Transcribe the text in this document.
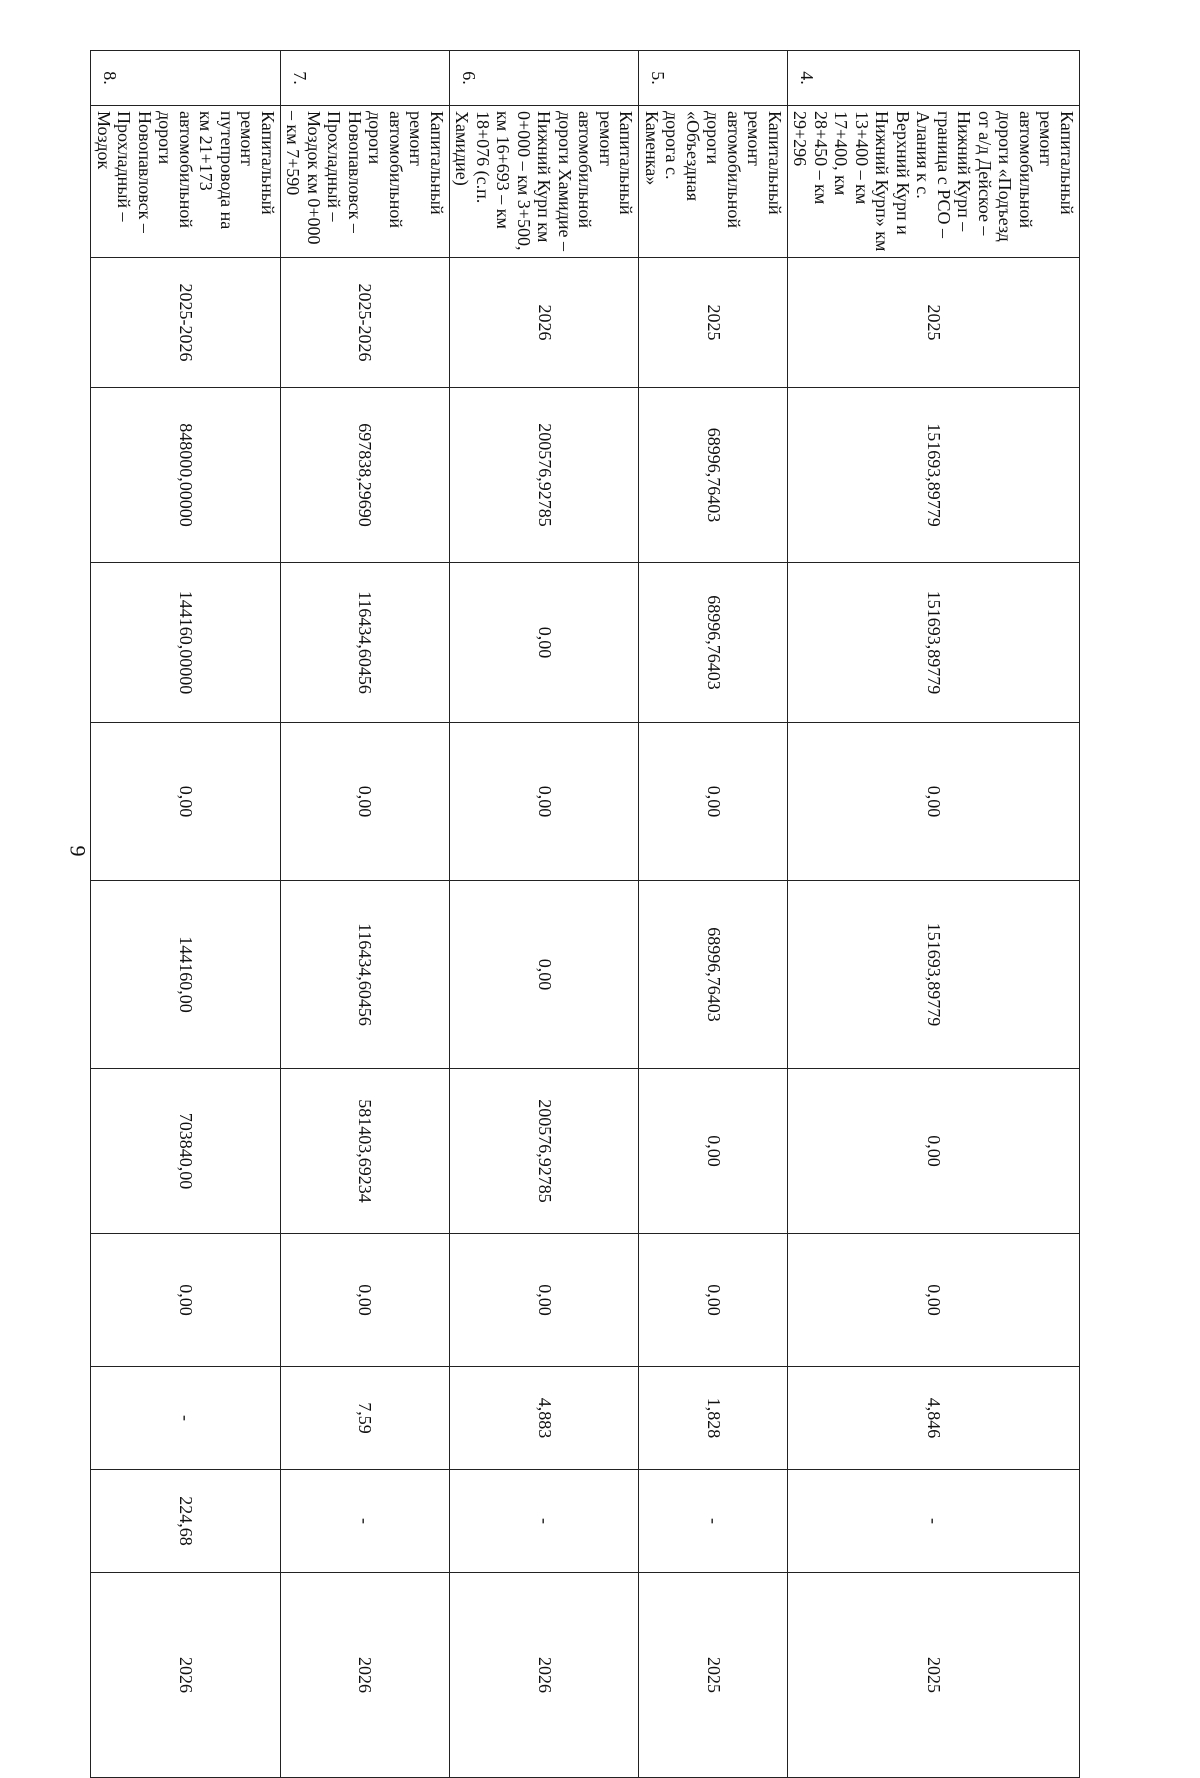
9
4.	Капитальный ремонт автомобильной дороги «Подъезд от а/д Дейское – Нижний Курп – граница с РСО – Алания к с. Верхний Курп и Нижний Курп» км 13+400 – км 17+400, км 28+450 – км 29+296	2025	151693,89779	151693,89779	0,00	151693,89779	0,00	0,00	4,846	-	2025
5.	Капитальный ремонт автомобильной дороги «Объездная дорога с. Каменка»	2025	68996,76403	68996,76403	0,00	68996,76403	0,00	0,00	1,828	-	2025
6.	Капитальный ремонт автомобильной дороги Хамидие – Нижний Курп км 0+000 – км 3+500, км 16+693 – км 18+076 (с.п. Хамидие)	2026	200576,92785	0,00	0,00	0,00	200576,92785	0,00	4,883	-	2026
7.	Капитальный ремонт автомобильной дороги Новопавловск – Прохладный – Моздок км 0+000 – км 7+590	2025-2026	697838,29690	116434,60456	0,00	116434,60456	581403,69234	0,00	7,59	-	2026
8.	Капитальный ремонт путепровода на км 21+173 автомобильной дороги Новопавловск – Прохладный – Моздок	2025-2026	848000,00000	144160,00000	0,00	144160,00	703840,00	0,00	-	224,68	2026
